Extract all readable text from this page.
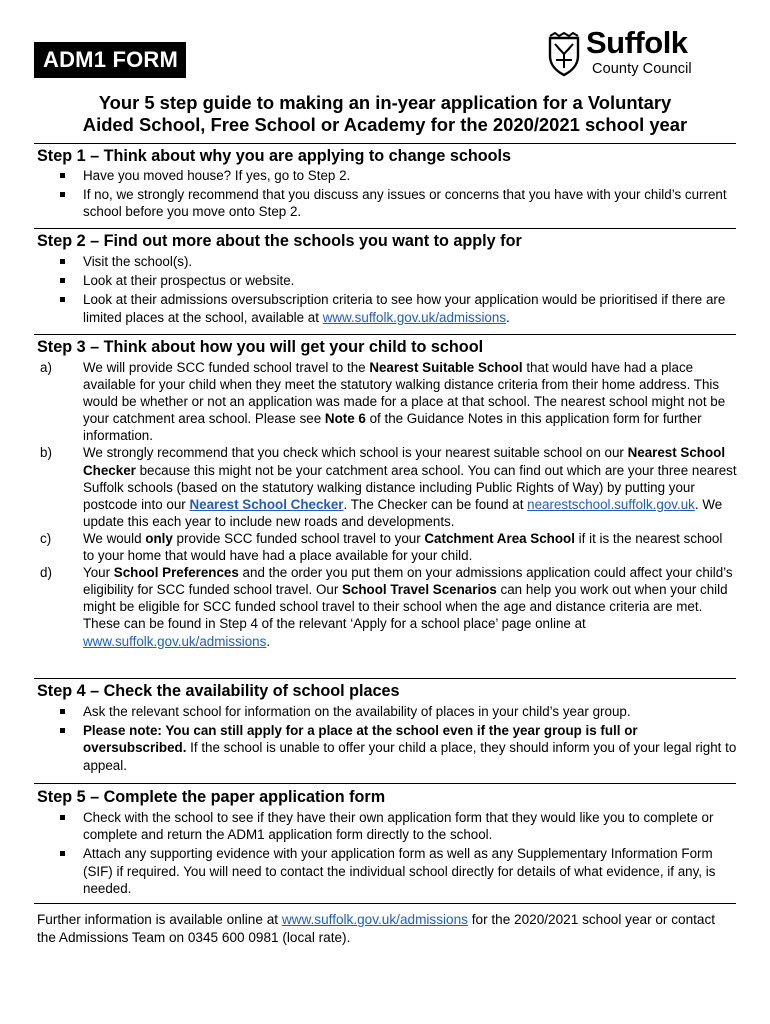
ADM1 FORM	Suffolk
County Council
Your 5 step guide to making an in-year application for a Voluntary
Aided School, Free School or Academy for the 2020/2021 school year
Step 1 – Think about why you are applying to change schools
Have you moved house? If yes, go to Step 2.
If no, we strongly recommend that you discuss any issues or concerns that you have with your child’s current school before you move onto Step 2.
Step 2 – Find out more about the schools you want to apply for
Visit the school(s).
Look at their prospectus or website.
Look at their admissions oversubscription criteria to see how your application would be prioritised if there are limited places at the school, available at www.suffolk.gov.uk/admissions.
Step 3 – Think about how you will get your child to school
a) We will provide SCC funded school travel to the Nearest Suitable School that would have had a place available for your child when they meet the statutory walking distance criteria from their home address. This would be whether or not an application was made for a place at that school. The nearest school might not be your catchment area school. Please see Note 6 of the Guidance Notes in this application form for further information.
b) We strongly recommend that you check which school is your nearest suitable school on our Nearest School Checker because this might not be your catchment area school. You can find out which are your three nearest Suffolk schools (based on the statutory walking distance including Public Rights of Way) by putting your postcode into our Nearest School Checker. The Checker can be found at nearestschool.suffolk.gov.uk. We update this each year to include new roads and developments.
c) We would only provide SCC funded school travel to your Catchment Area School if it is the nearest school to your home that would have had a place available for your child.
d) Your School Preferences and the order you put them on your admissions application could affect your child’s eligibility for SCC funded school travel. Our School Travel Scenarios can help you work out when your child might be eligible for SCC funded school travel to their school when the age and distance criteria are met. These can be found in Step 4 of the relevant ‘Apply for a school place’ page online at www.suffolk.gov.uk/admissions.
Step 4 – Check the availability of school places
Ask the relevant school for information on the availability of places in your child’s year group.
Please note: You can still apply for a place at the school even if the year group is full or oversubscribed. If the school is unable to offer your child a place, they should inform you of your legal right to appeal.
Step 5 – Complete the paper application form
Check with the school to see if they have their own application form that they would like you to complete or complete and return the ADM1 application form directly to the school.
Attach any supporting evidence with your application form as well as any Supplementary Information Form (SIF) if required. You will need to contact the individual school directly for details of what evidence, if any, is needed.
Further information is available online at www.suffolk.gov.uk/admissions for the 2020/2021 school year or contact the Admissions Team on 0345 600 0981 (local rate).
